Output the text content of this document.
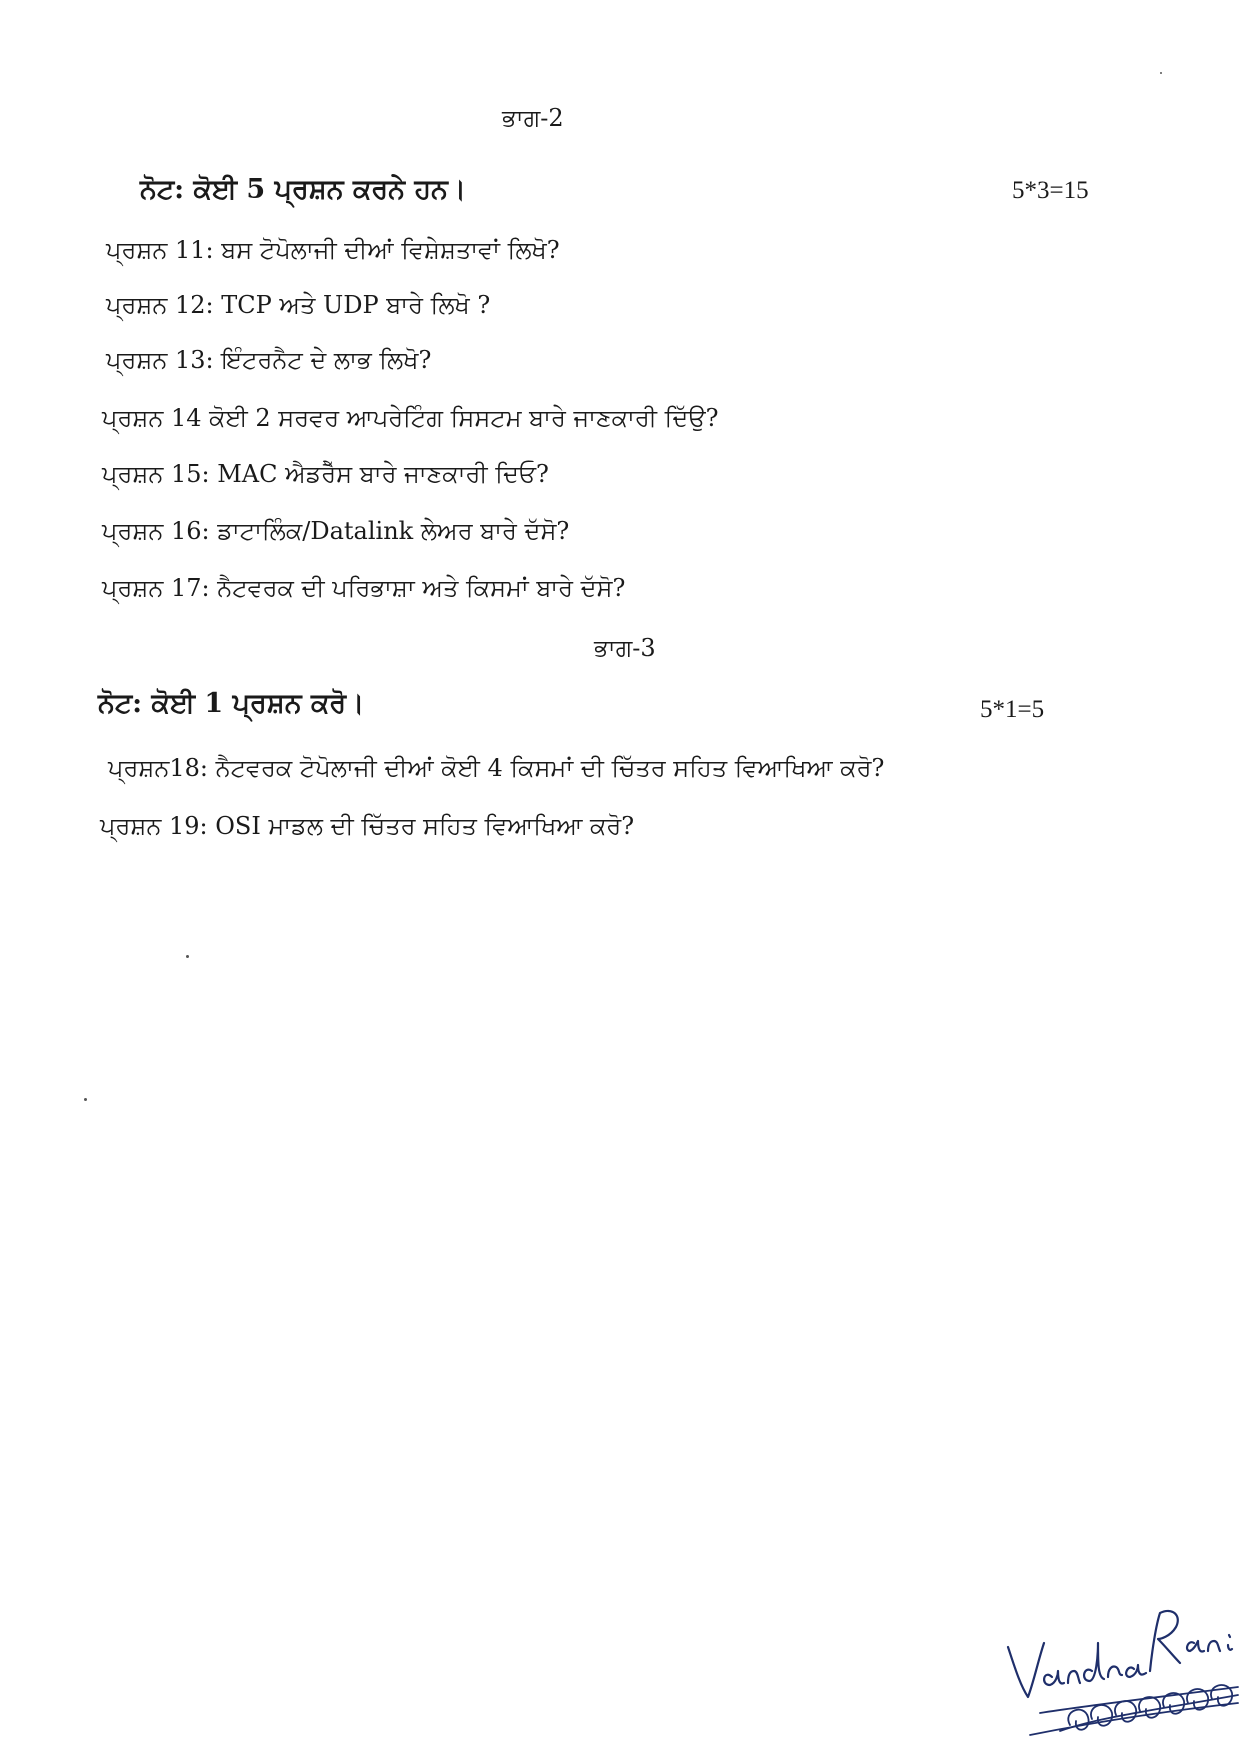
ਭਾਗ-2
ਨੋਟ: ਕੋਈ 5 ਪ੍ਰਸ਼ਨ ਕਰਨੇ ਹਨ।	5*3=15
ਪ੍ਰਸ਼ਨ 11: ਬਸ ਟੋਪੋਲਾਜੀ ਦੀਆਂ ਵਿਸ਼ੇਸ਼ਤਾਵਾਂ ਲਿਖੋ?
ਪ੍ਰਸ਼ਨ 12: TCP ਅਤੇ UDP ਬਾਰੇ ਲਿਖੋ ?
ਪ੍ਰਸ਼ਨ 13: ਇੰਟਰਨੈਟ ਦੇ ਲਾਭ ਲਿਖੋ?
ਪ੍ਰਸ਼ਨ 14 ਕੋਈ 2 ਸਰਵਰ ਆਪਰੇਟਿੰਗ ਸਿਸਟਮ ਬਾਰੇ ਜਾਣਕਾਰੀ ਦਿੱਉ?
ਪ੍ਰਸ਼ਨ 15: MAC ਐਡਰੈੱਸ ਬਾਰੇ ਜਾਣਕਾਰੀ ਦਿਓ?
ਪ੍ਰਸ਼ਨ 16: ਡਾਟਾਲਿੰਕ/Datalink ਲੇਅਰ ਬਾਰੇ ਦੱਸੋ?
ਪ੍ਰਸ਼ਨ 17: ਨੈਟਵਰਕ ਦੀ ਪਰਿਭਾਸ਼ਾ ਅਤੇ ਕਿਸਮਾਂ ਬਾਰੇ ਦੱਸੋ?
ਭਾਗ-3
ਨੋਟ: ਕੋਈ 1 ਪ੍ਰਸ਼ਨ ਕਰੋ।	5*1=5
ਪ੍ਰਸ਼ਨ18: ਨੈਟਵਰਕ ਟੋਪੋਲਾਜੀ ਦੀਆਂ ਕੋਈ 4 ਕਿਸਮਾਂ ਦੀ ਚਿੱਤਰ ਸਹਿਤ ਵਿਆਖਿਆ ਕਰੋ?
ਪ੍ਰਸ਼ਨ 19: OSI ਮਾਡਲ ਦੀ ਚਿੱਤਰ ਸਹਿਤ ਵਿਆਖਿਆ ਕਰੋ?
